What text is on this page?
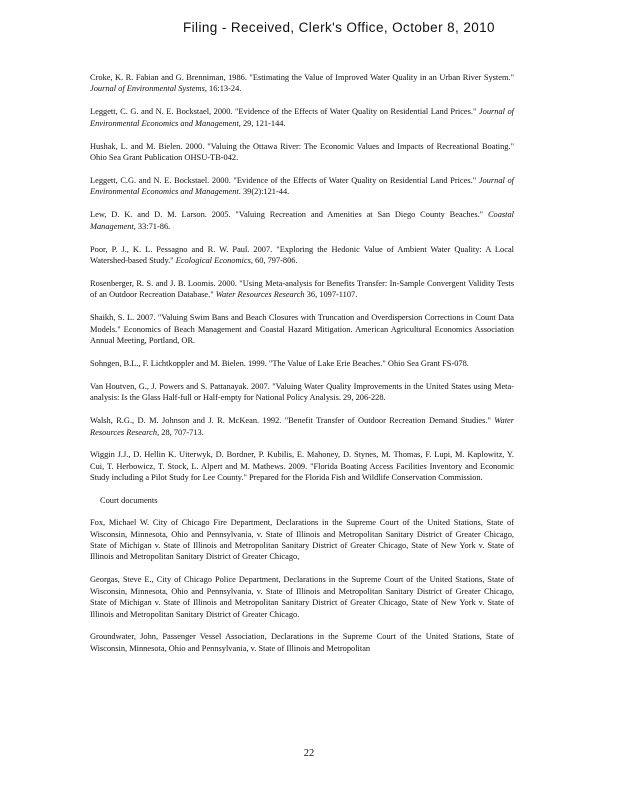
Filing - Received, Clerk's Office, October 8, 2010

Croke, K. R. Fabian and G. Brenniman, 1986. "Estimating the Value of Improved Water Quality in an Urban River System." Journal of Environmental Systems, 16:13-24.

Leggett, C. G. and N. E. Bockstael, 2000. "Evidence of the Effects of Water Quality on Residential Land Prices." Journal of Environmental Economics and Management, 29, 121-144.

Hushak, L. and M. Bielen. 2000. "Valuing the Ottawa River: The Economic Values and Impacts of Recreational Boating." Ohio Sea Grant Publication OHSU-TB-042.

Leggett, C.G. and N. E. Bockstael. 2000. "Evidence of the Effects of Water Quality on Residential Land Prices." Journal of Environmental Economics and Management. 39(2):121-44.

Lew, D. K. and D. M. Larson. 2005. "Valuing Recreation and Amenities at San Diego County Beaches." Coastal Management, 33:71-86.

Poor, P. J., K. L. Pessagno and R. W. Paul. 2007. "Exploring the Hedonic Value of Ambient Water Quality: A Local Watershed-based Study." Ecological Economics, 60, 797-806.

Rosenberger, R. S. and J. B. Loomis. 2000. "Using Meta-analysis for Benefits Transfer: In-Sample Convergent Validity Tests of an Outdoor Recreation Database." Water Resources Research 36, 1097-1107.

Shaikh, S. L. 2007. "Valuing Swim Bans and Beach Closures with Truncation and Overdispersion Corrections in Count Data Models." Economics of Beach Management and Coastal Hazard Mitigation. American Agricultural Economics Association Annual Meeting, Portland, OR.

Sohngen, B.L., F. Lichtkoppler and M. Bielen. 1999. "The Value of Lake Erie Beaches." Ohio Sea Grant FS-078.

Van Houtven, G., J. Powers and S. Pattanayak. 2007. "Valuing Water Quality Improvements in the United States using Meta-analysis: Is the Glass Half-full or Half-empty for National Policy Analysis. 29, 206-228.

Walsh, R.G., D. M. Johnson and J. R. McKean. 1992. "Benefit Transfer of Outdoor Recreation Demand Studies." Water Resources Research, 28, 707-713.

Wiggin J.J., D. Hellin K. Uiterwyk, D. Bordner, P. Kubilis, E. Mahoney, D. Stynes, M. Thomas, F. Lupi, M. Kaplowitz, Y. Cui, T. Herbowicz, T. Stock, L. Alpert and M. Mathews. 2009. "Florida Boating Access Facilities Inventory and Economic Study including a Pilot Study for Lee County." Prepared for the Florida Fish and Wildlife Conservation Commission.

Court documents

Fox, Michael W. City of Chicago Fire Department, Declarations in the Supreme Court of the United Stations, State of Wisconsin, Minnesota, Ohio and Pennsylvania, v. State of Illinois and Metropolitan Sanitary District of Greater Chicago, State of Michigan v. State of Illinois and Metropolitan Sanitary District of Greater Chicago, State of New York v. State of Illinois and Metropolitan Sanitary District of Greater Chicago,

Georgas, Steve E., City of Chicago Police Department, Declarations in the Supreme Court of the United Stations, State of Wisconsin, Minnesota, Ohio and Pennsylvania, v. State of Illinois and Metropolitan Sanitary District of Greater Chicago, State of Michigan v. State of Illinois and Metropolitan Sanitary District of Greater Chicago, State of New York v. State of Illinois and Metropolitan Sanitary District of Greater Chicago.

Groundwater, John, Passenger Vessel Association, Declarations in the Supreme Court of the United Stations, State of Wisconsin, Minnesota, Ohio and Pennsylvania, v. State of Illinois and Metropolitan

22
